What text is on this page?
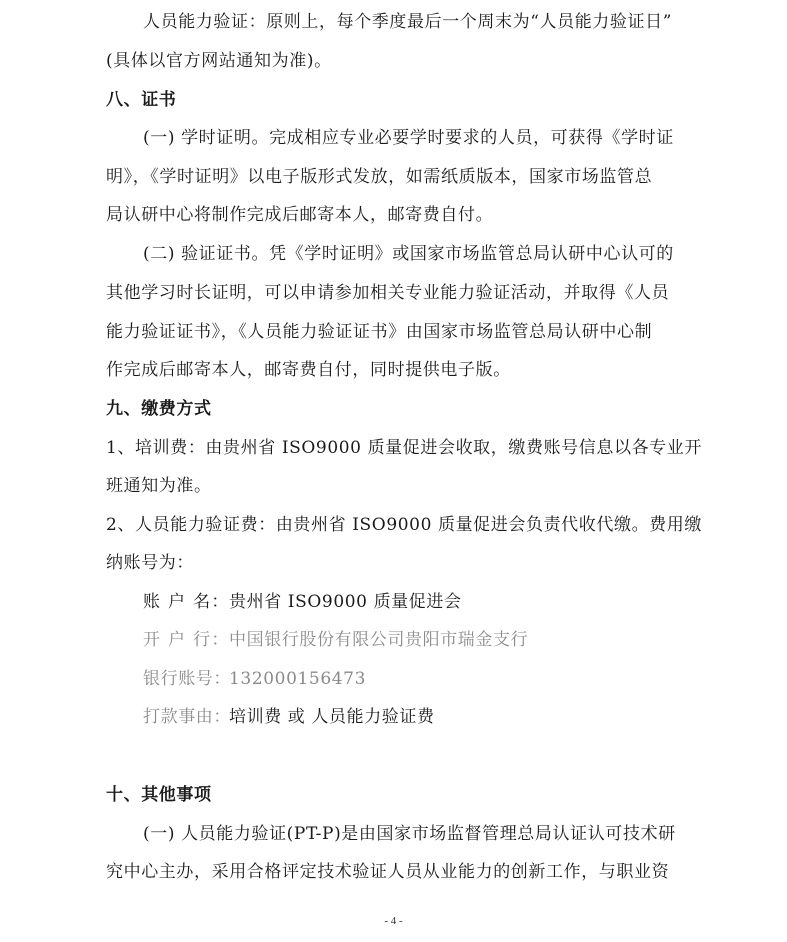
人员能力验证：原则上，每个季度最后一个周末为“人员能力验证日”
(具体以官方网站通知为准)。
八、证书
(一) 学时证明。完成相应专业必要学时要求的人员，可获得《学时证
明》，《学时证明》以电子版形式发放，如需纸质版本，国家市场监管总
局认研中心将制作完成后邮寄本人，邮寄费自付。
(二) 验证证书。凭《学时证明》或国家市场监管总局认研中心认可的
其他学习时长证明，可以申请参加相关专业能力验证活动，并取得《人员
能力验证证书》，《人员能力验证证书》由国家市场监管总局认研中心制
作完成后邮寄本人，邮寄费自付，同时提供电子版。
九、缴费方式
1、培训费：由贵州省 ISO9000 质量促进会收取，缴费账号信息以各专业开
班通知为准。
2、人员能力验证费：由贵州省 ISO9000 质量促进会负责代收代缴。费用缴
纳账号为：
账 户 名：贵州省 ISO9000 质量促进会
开 户 行：中国银行股份有限公司贵阳市瑞金支行
银行账号：132000156473
打款事由：培训费 或 人员能力验证费
十、其他事项
(一) 人员能力验证(PT-P)是由国家市场监督管理总局认证认可技术研
究中心主办，采用合格评定技术验证人员从业能力的创新工作，与职业资
- 4 -
